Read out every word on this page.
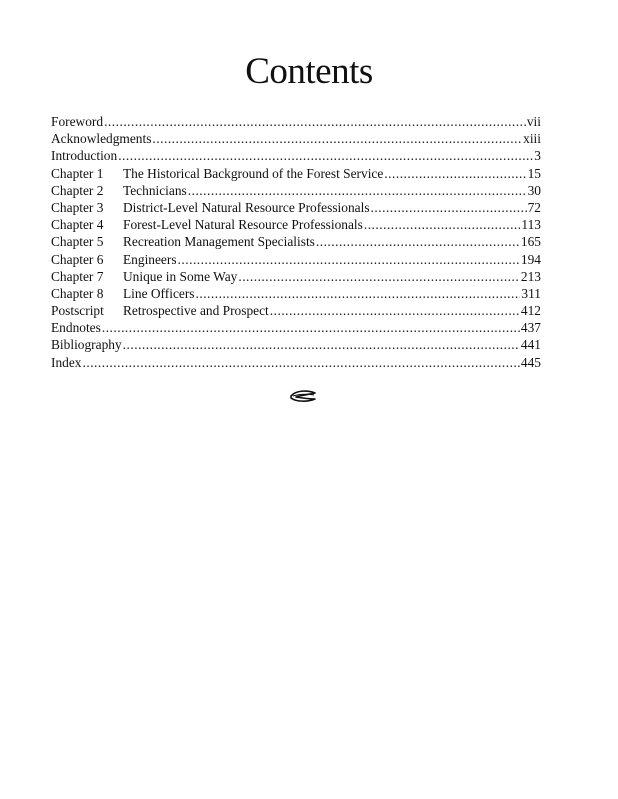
Contents
Foreword .....	vii
Acknowledgments .....	xiii
Introduction .....	3
Chapter 1	The Historical Background of the Forest Service .....	15
Chapter 2	Technicians .....	30
Chapter 3	District-Level Natural Resource Professionals .....	72
Chapter 4	Forest-Level Natural Resource Professionals .....	113
Chapter 5	Recreation Management Specialists .....	165
Chapter 6	Engineers .....	194
Chapter 7	Unique in Some Way .....	213
Chapter 8	Line Officers .....	311
Postscript	Retrospective and Prospect .....	412
Endnotes .....	437
Bibliography .....	441
Index .....	445
